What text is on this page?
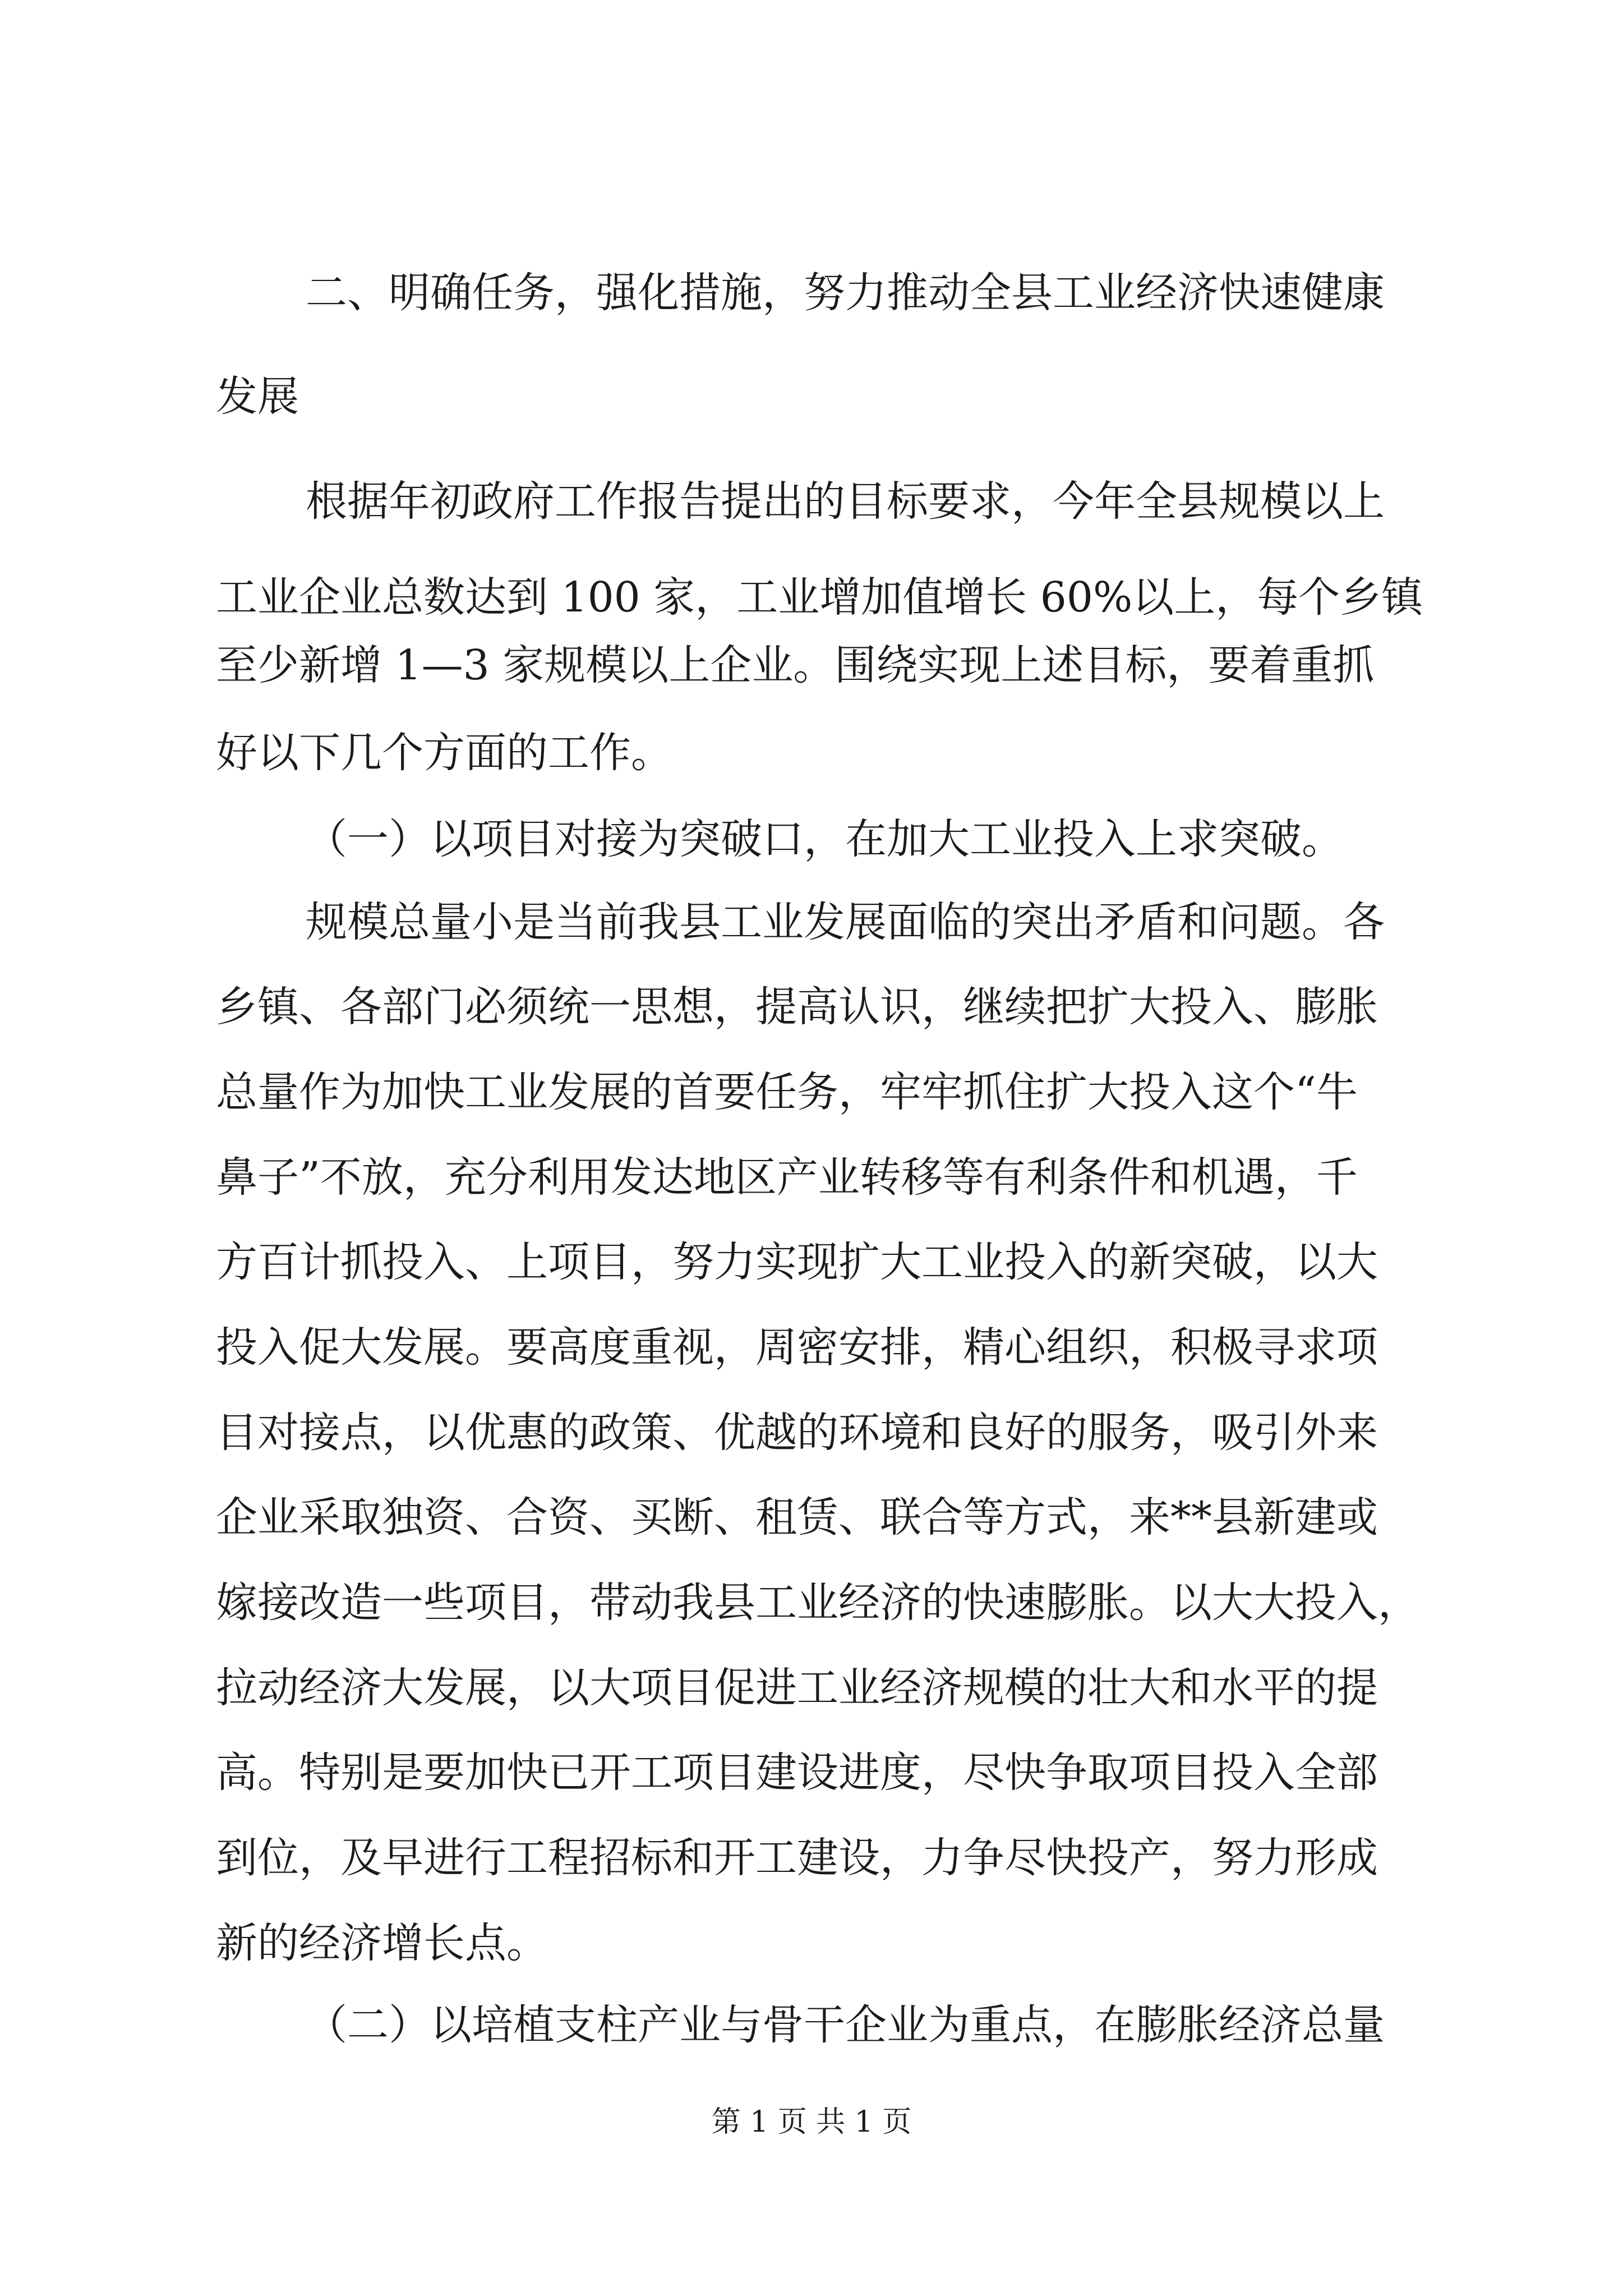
二、明确任务，强化措施，努力推动全县工业经济快速健康

发展

根据年初政府工作报告提出的目标要求，今年全县规模以上

工业企业总数达到 100 家，工业增加值增长 60%以上，每个乡镇

至少新增 1—3 家规模以上企业。围绕实现上述目标，要着重抓

好以下几个方面的工作。

（一）以项目对接为突破口，在加大工业投入上求突破。

规模总量小是当前我县工业发展面临的突出矛盾和问题。各

乡镇、各部门必须统一思想，提高认识，继续把扩大投入、膨胀

总量作为加快工业发展的首要任务，牢牢抓住扩大投入这个“牛

鼻子”不放，充分利用发达地区产业转移等有利条件和机遇，千

方百计抓投入、上项目，努力实现扩大工业投入的新突破，以大

投入促大发展。要高度重视，周密安排，精心组织，积极寻求项

目对接点，以优惠的政策、优越的环境和良好的服务，吸引外来

企业采取独资、合资、买断、租赁、联合等方式，来**县新建或

嫁接改造一些项目，带动我县工业经济的快速膨胀。以大大投入，

拉动经济大发展，以大项目促进工业经济规模的壮大和水平的提

高。特别是要加快已开工项目建设进度，尽快争取项目投入全部

到位，及早进行工程招标和开工建设，力争尽快投产，努力形成

新的经济增长点。

（二）以培植支柱产业与骨干企业为重点，在膨胀经济总量

第 1 页 共 1 页
